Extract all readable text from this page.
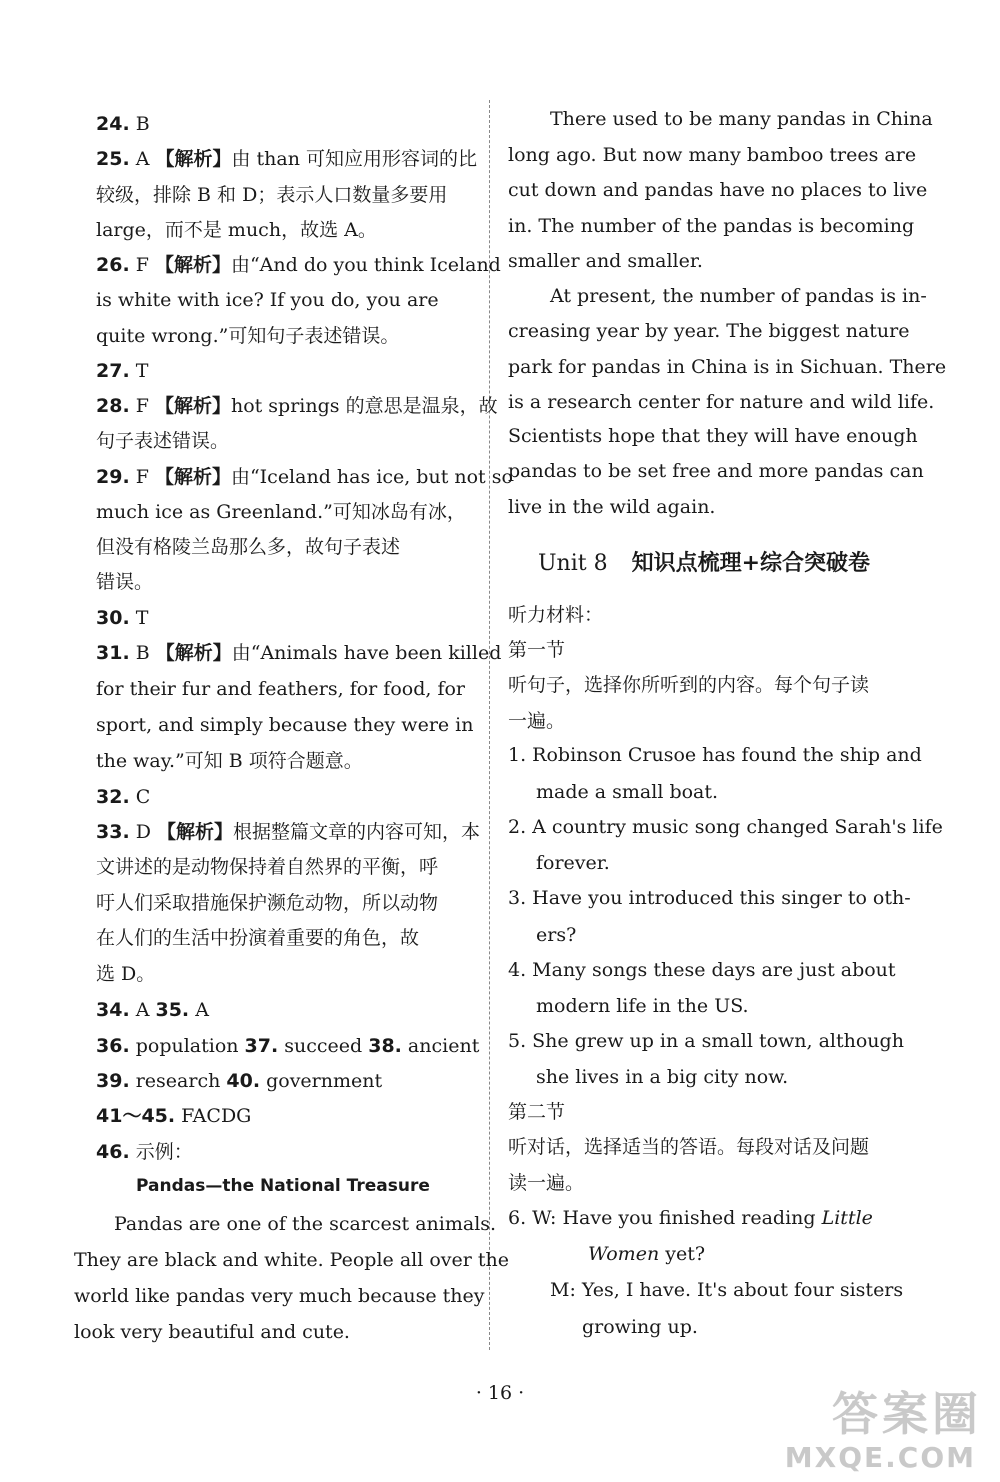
24. B
25. A 【解析】由 than 可知应用形容词的比
较级，排除 B 和 D；表示人口数量多要用
large，而不是 much，故选 A。
26. F 【解析】由“And do you think Iceland
is white with ice? If you do, you are
quite wrong.”可知句子表述错误。
27. T
28. F 【解析】hot springs 的意思是温泉，故
句子表述错误。
29. F 【解析】由“Iceland has ice, but not so
much ice as Greenland.”可知冰岛有冰，
但没有格陵兰岛那么多，故句子表述
错误。
30. T
31. B 【解析】由“Animals have been killed
for their fur and feathers, for food, for
sport, and simply because they were in
the way.”可知 B 项符合题意。
32. C
33. D 【解析】根据整篇文章的内容可知，本
文讲述的是动物保持着自然界的平衡，呼
吁人们采取措施保护濒危动物，所以动物
在人们的生活中扮演着重要的角色，故
选 D。
34. A 35. A
36. population 37. succeed 38. ancient
39. research 40. government
41～45. FACDG
46. 示例：
Pandas—the National Treasure
Pandas are one of the scarcest animals.
They are black and white. People all over the
world like pandas very much because they
look very beautiful and cute.
There used to be many pandas in China
long ago. But now many bamboo trees are
cut down and pandas have no places to live
in. The number of the pandas is becoming
smaller and smaller.
At present, the number of pandas is in-
creasing year by year. The biggest nature
park for pandas in China is in Sichuan. There
is a research center for nature and wild life.
Scientists hope that they will have enough
pandas to be set free and more pandas can
live in the wild again.
Unit 8 知识点梳理+综合突破卷
听力材料：
第一节
听句子，选择你所听到的内容。每个句子读
一遍。
1. Robinson Crusoe has found the ship and
made a small boat.
2. A country music song changed Sarah's life
forever.
3. Have you introduced this singer to oth-
ers?
4. Many songs these days are just about
modern life in the US.
5. She grew up in a small town, although
she lives in a big city now.
第二节
听对话，选择适当的答语。每段对话及问题
读一遍。
6. W: Have you finished reading Little
Women yet?
M: Yes, I have. It's about four sisters
growing up.
· 16 ·	答案圈
MXQE.COM
